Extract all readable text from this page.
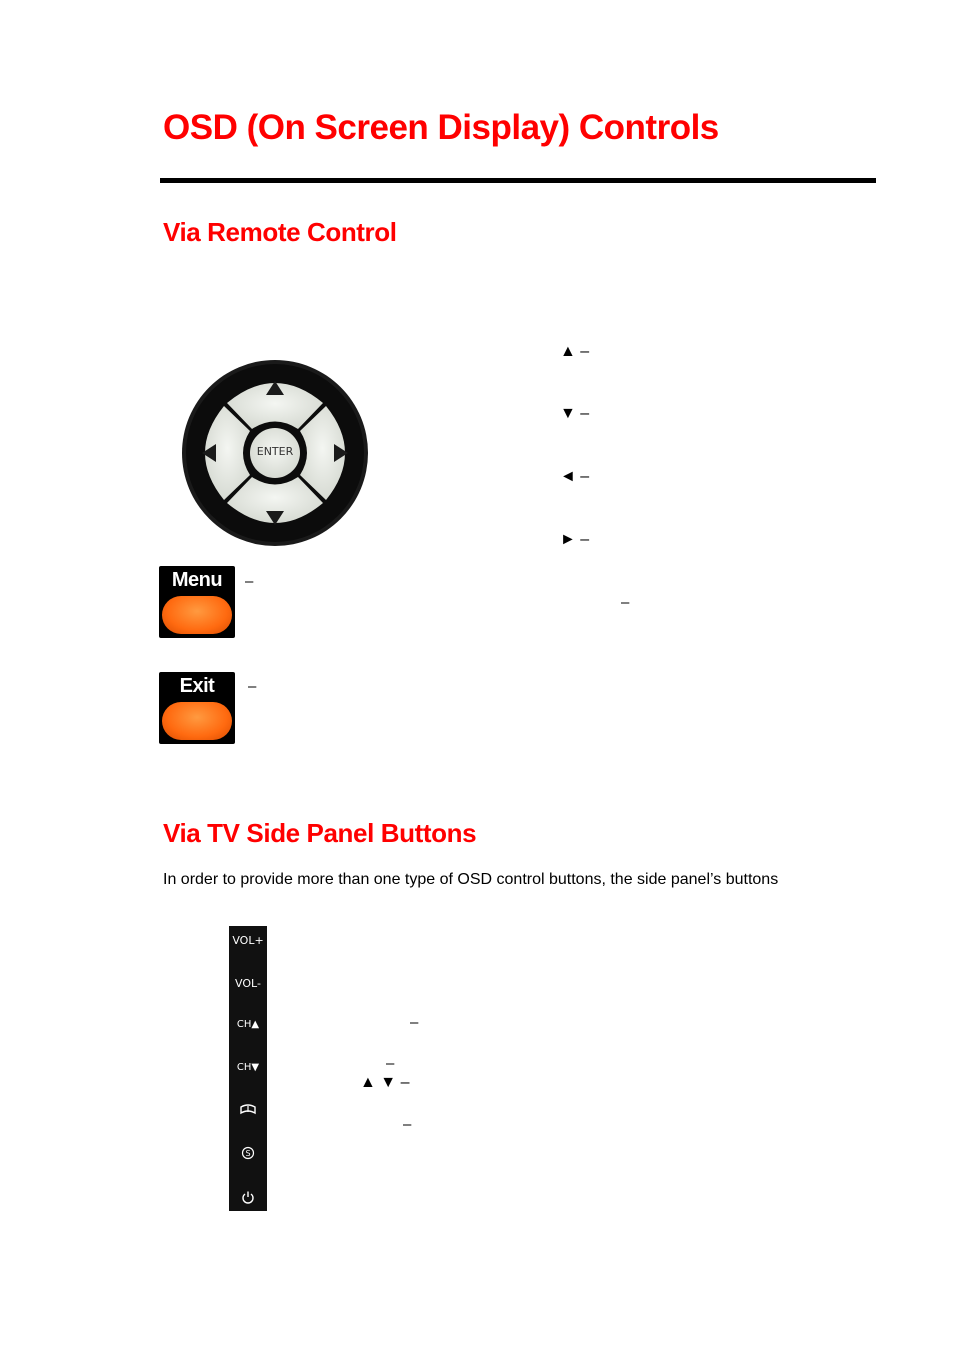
OSD (On Screen Display) Controls
Via Remote Control
ENTER
▲ –
▼ –
◄ –
► –
Menu	–
–
Exit	–
Via TV Side Panel Buttons
In order to provide more than one type of OSD control buttons, the side panel’s buttons
VOL+
VOL-
CH▲
CH▼
S
–
–
▲ ▼ –
–
